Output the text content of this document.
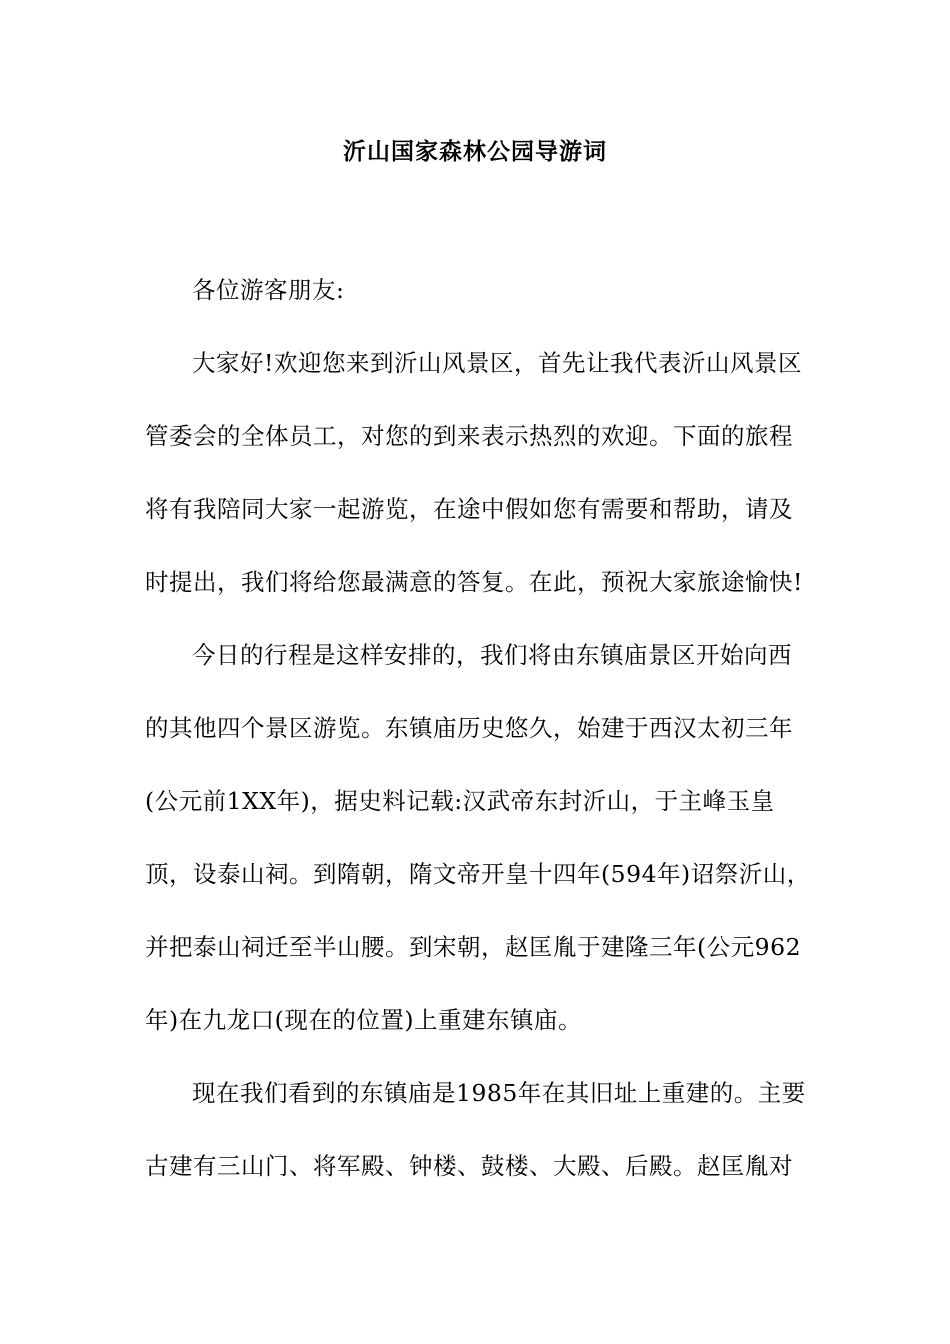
沂山国家森林公园导游词
各位游客朋友:
大家好!欢迎您来到沂山风景区，首先让我代表沂山风景区
管委会的全体员工，对您的到来表示热烈的欢迎。下面的旅程
将有我陪同大家一起游览，在途中假如您有需要和帮助，请及
时提出，我们将给您最满意的答复。在此，预祝大家旅途愉快!
今日的行程是这样安排的，我们将由东镇庙景区开始向西
的其他四个景区游览。东镇庙历史悠久，始建于西汉太初三年
(公元前1XX年)，据史料记载:汉武帝东封沂山，于主峰玉皇
顶，设泰山祠。到隋朝，隋文帝开皇十四年(594年)诏祭沂山，
并把泰山祠迁至半山腰。到宋朝，赵匡胤于建隆三年(公元962
年)在九龙口(现在的位置)上重建东镇庙。
现在我们看到的东镇庙是1985年在其旧址上重建的。主要
古建有三山门、将军殿、钟楼、鼓楼、大殿、后殿。赵匡胤对
